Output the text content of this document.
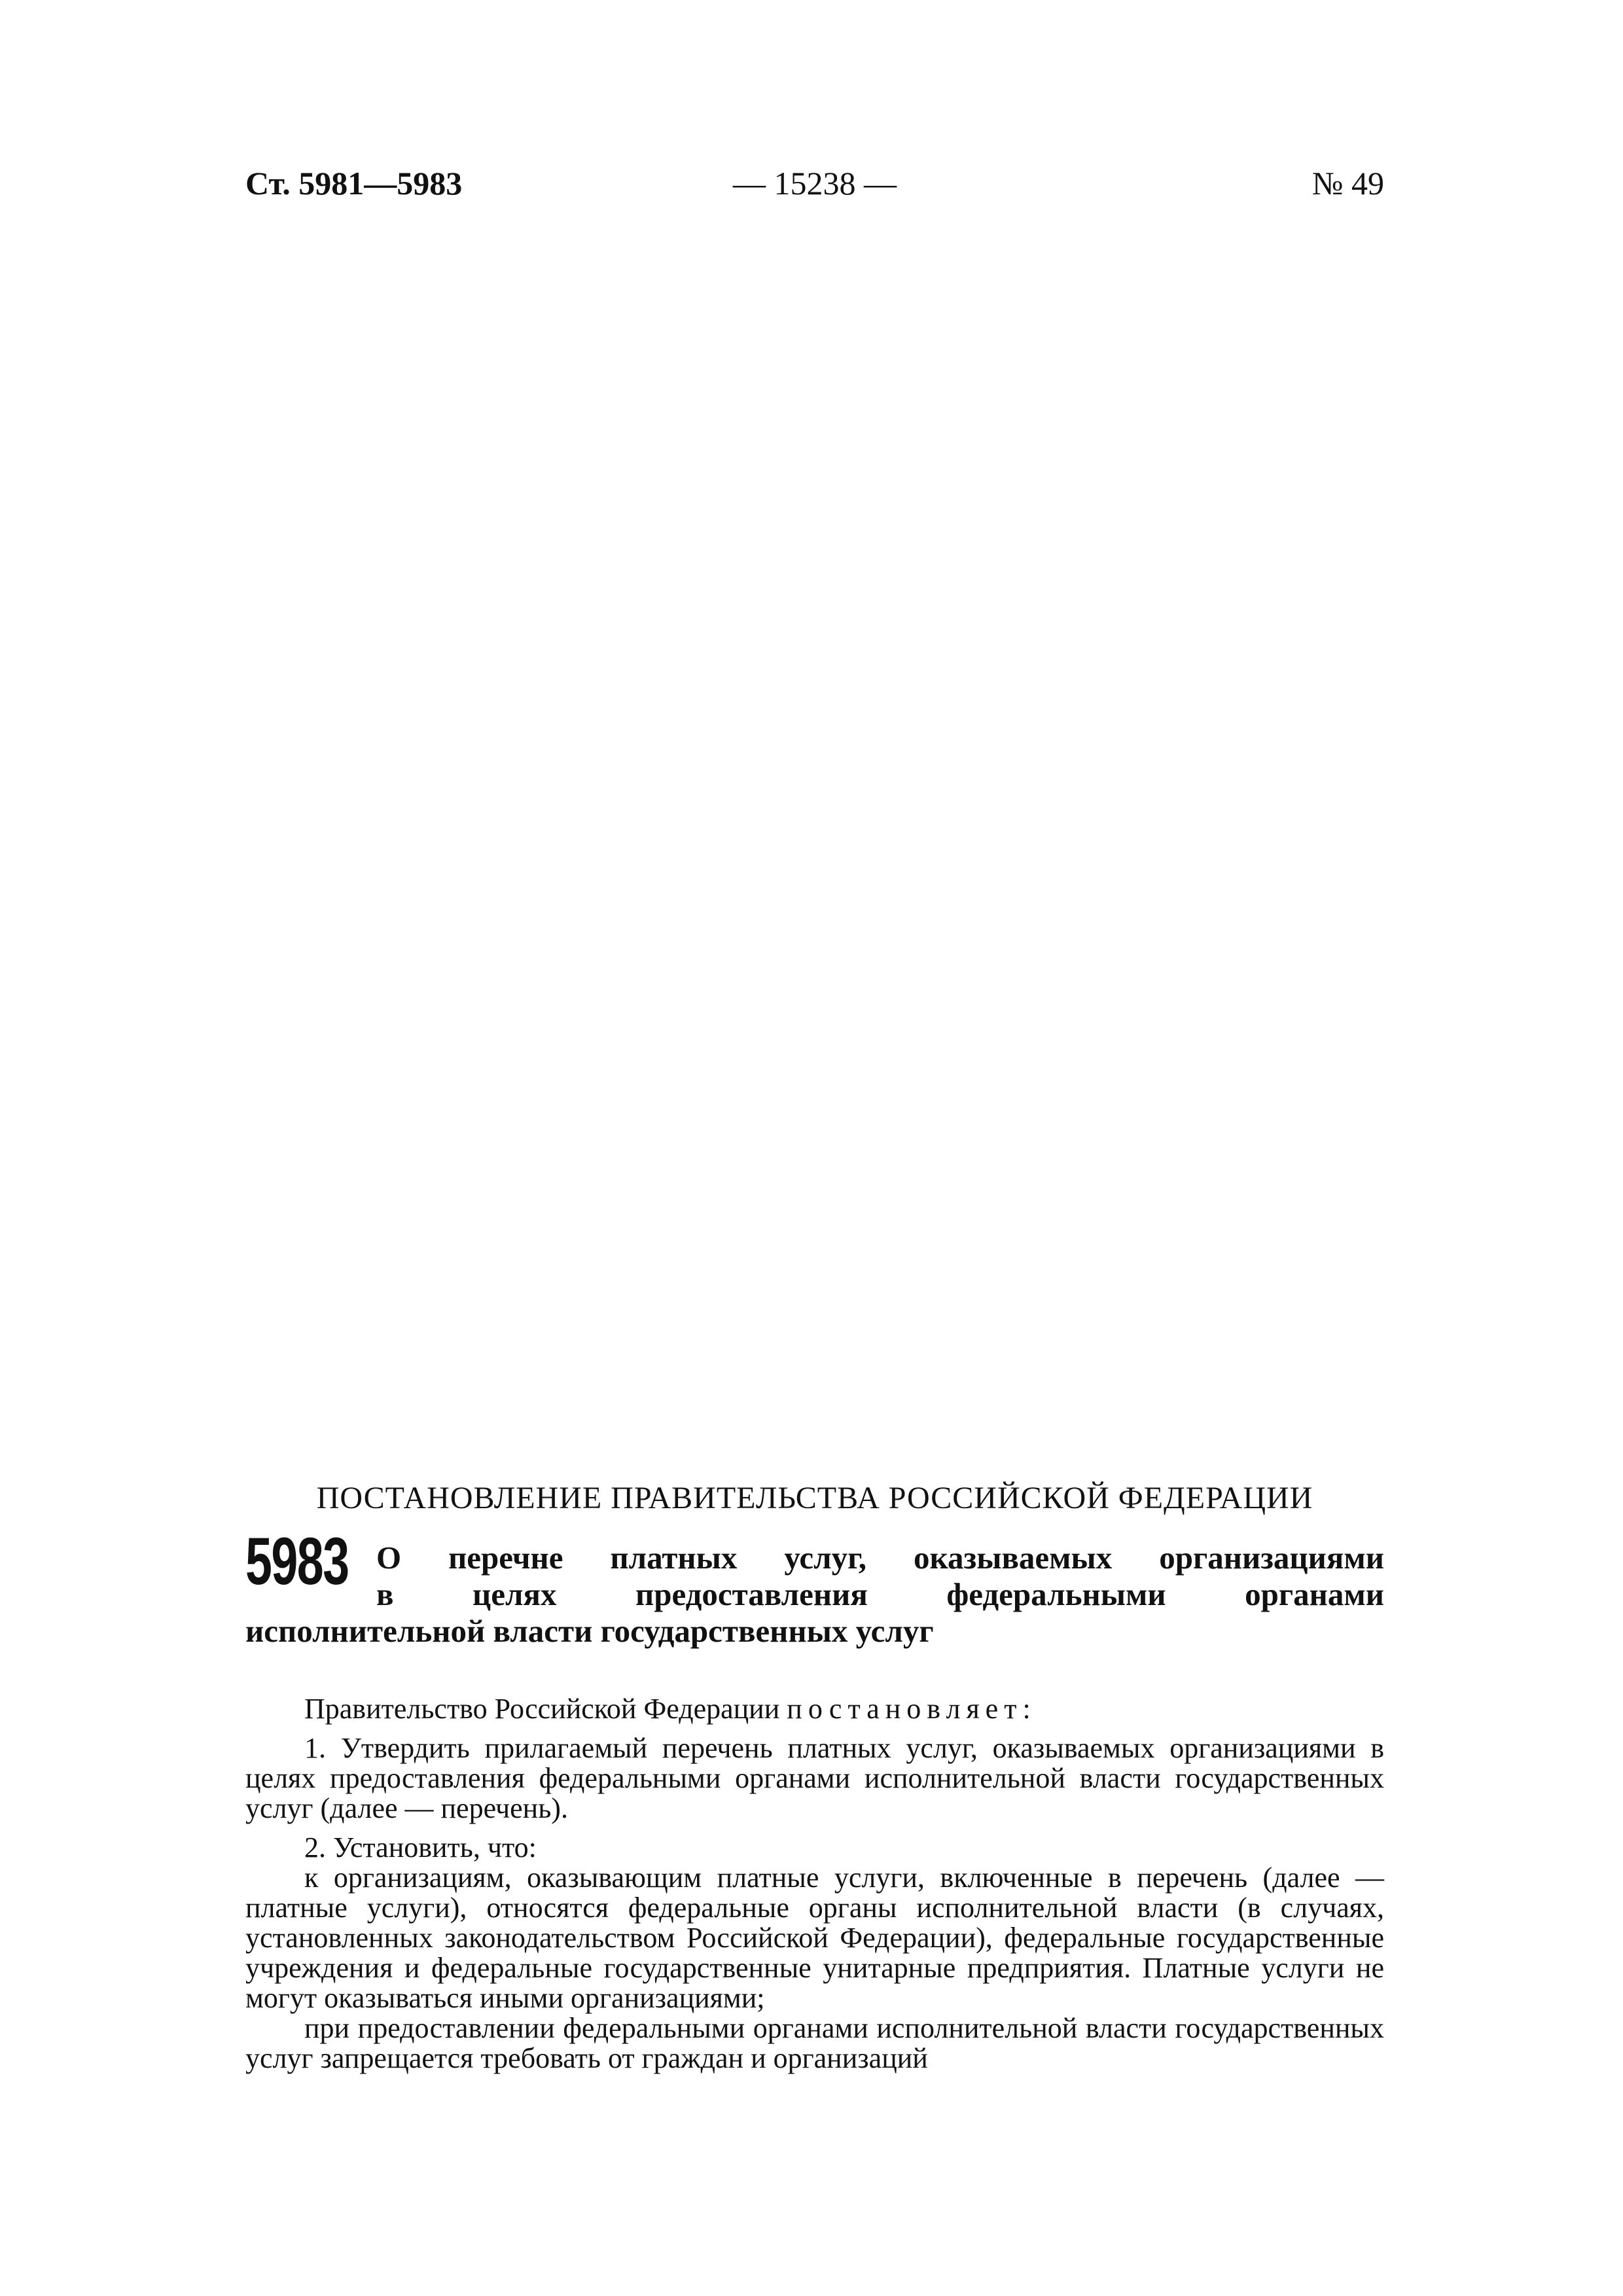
Ст. 5981—5983	— 15238 —	№ 49
ПОСТАНОВЛЕНИЕ ПРАВИТЕЛЬСТВА РОССИЙСКОЙ ФЕДЕРАЦИИ
5983 О перечне платных услуг, оказываемых организациями
в целях предоставления федеральными органами
исполнительной власти государственных услуг

Правительство Российской Федерации постановляет:

1. Утвердить прилагаемый перечень платных услуг, оказываемых организациями в целях предоставления федеральными органами исполнительной власти государственных услуг (далее — перечень).

2. Установить, что:

к организациям, оказывающим платные услуги, включенные в перечень (далее — платные услуги), относятся федеральные органы исполнительной власти (в случаях, установленных законодательством Российской Федерации), федеральные государственные учреждения и федеральные государственные унитарные предприятия. Платные услуги не могут оказываться иными организациями;

при предоставлении федеральными органами исполнительной власти государственных услуг запрещается требовать от граждан и организаций
